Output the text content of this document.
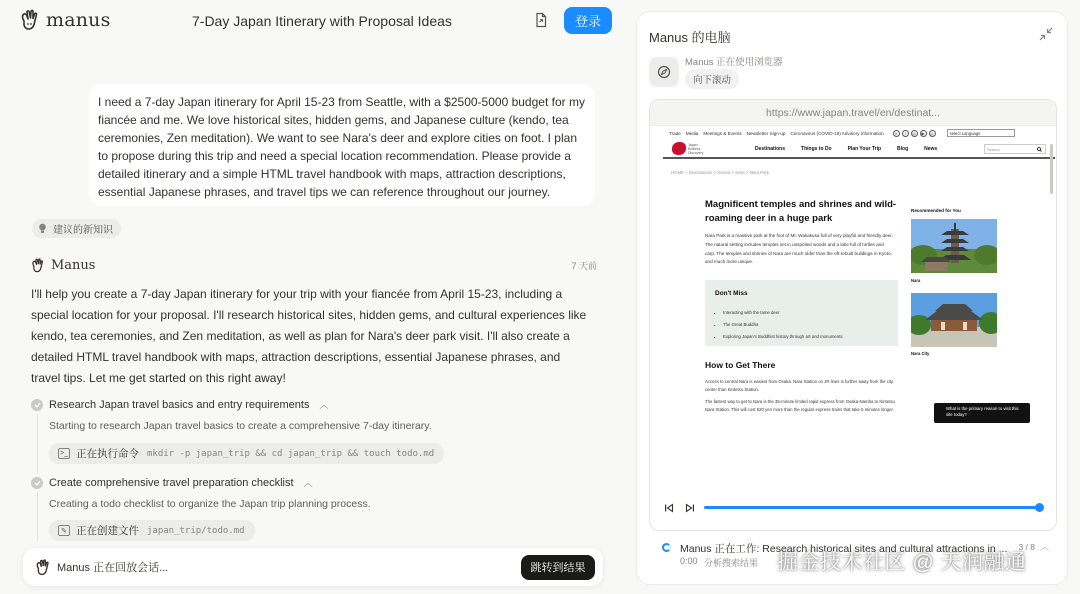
manus	7-Day Japan Itinerary with Proposal Ideas	登录
I need a 7-day Japan itinerary for April 15-23 from Seattle, with a $2500-5000 budget for my fiancée and me. We love historical sites, hidden gems, and Japanese culture (kendo, tea ceremonies, Zen meditation). We want to see Nara's deer and explore cities on foot. I plan to propose during this trip and need a special location recommendation. Please provide a detailed itinerary and a simple HTML travel handbook with maps, attraction descriptions, essential Japanese phrases, and travel tips we can reference throughout our journey.
建议的新知识
Manus	7 天前
I'll help you create a 7-day Japan itinerary for your trip with your fiancée from April 15-23, including a special location for your proposal. I'll research historical sites, hidden gems, and cultural experiences like kendo, tea ceremonies, and Zen meditation, as well as plan for Nara's deer park visit. I'll also create a detailed HTML travel handbook with maps, attraction descriptions, essential Japanese phrases, and travel tips. Let me get started on this right away!
Research Japan travel basics and entry requirements ︿
Starting to research Japan travel basics to create a comprehensive 7-day itinerary.
>_ 正在执行命令 mkdir -p japan_trip && cd japan_trip && touch todo.md
Create comprehensive travel preparation checklist ︿
Creating a todo checklist to organize the Japan trip planning process.
✎ 正在创建文件 japan_trip/todo.md
Manus 正在回放会话...	跳转到结果
Manus 的电脑
Manus 正在使用浏览器
向下滚动
https://www.japan.travel/en/destinat...
Trade Media Meetings & Events Newsletter Sign-up Coronavirus (COVID-19) Advisory Information	X	f	◎	▶	◎	select Language
Japan Endless Discovery
Destinations	Things to Do	Plan Your Trip	Blog	News	Search
HOME > Destinations > Kansai > Nara > Nara Park
Magnificent temples and shrines and wild-roaming deer in a huge park
Nara Park is a massive park at the foot of Mt. Wakakusa full of very playful and friendly deer. The natural setting includes temples set in unspoiled woods and a lake full of turtles and carp. The temples and shrines of Nara are much older than the oft-rebuilt buildings in Kyoto, and much more unique.
Don't Miss
• Interacting with the tame deer
• The Great Buddha
• Exploring Japan's Buddhist history through art and monuments
How to Get There
Access to central Nara is easiest from Osaka. Nara Station on JR lines is further away from the city center than Kintetsu Station.
The fastest way to get to Nara is the 35-minute limited rapid express from Osaka-Namba to Kintetsu Nara Station. This will cost 520 yen more than the regular express trains that take 5 minutes longer.
Recommended for You
Nara
Nara City
What is the primary reason to visit this site today?
Manus 正在工作: Research historical sites and cultural attractions in ...	3 / 8 ︿
0:00 分析搜索结果 掘金技术社区 @ 天润融通
